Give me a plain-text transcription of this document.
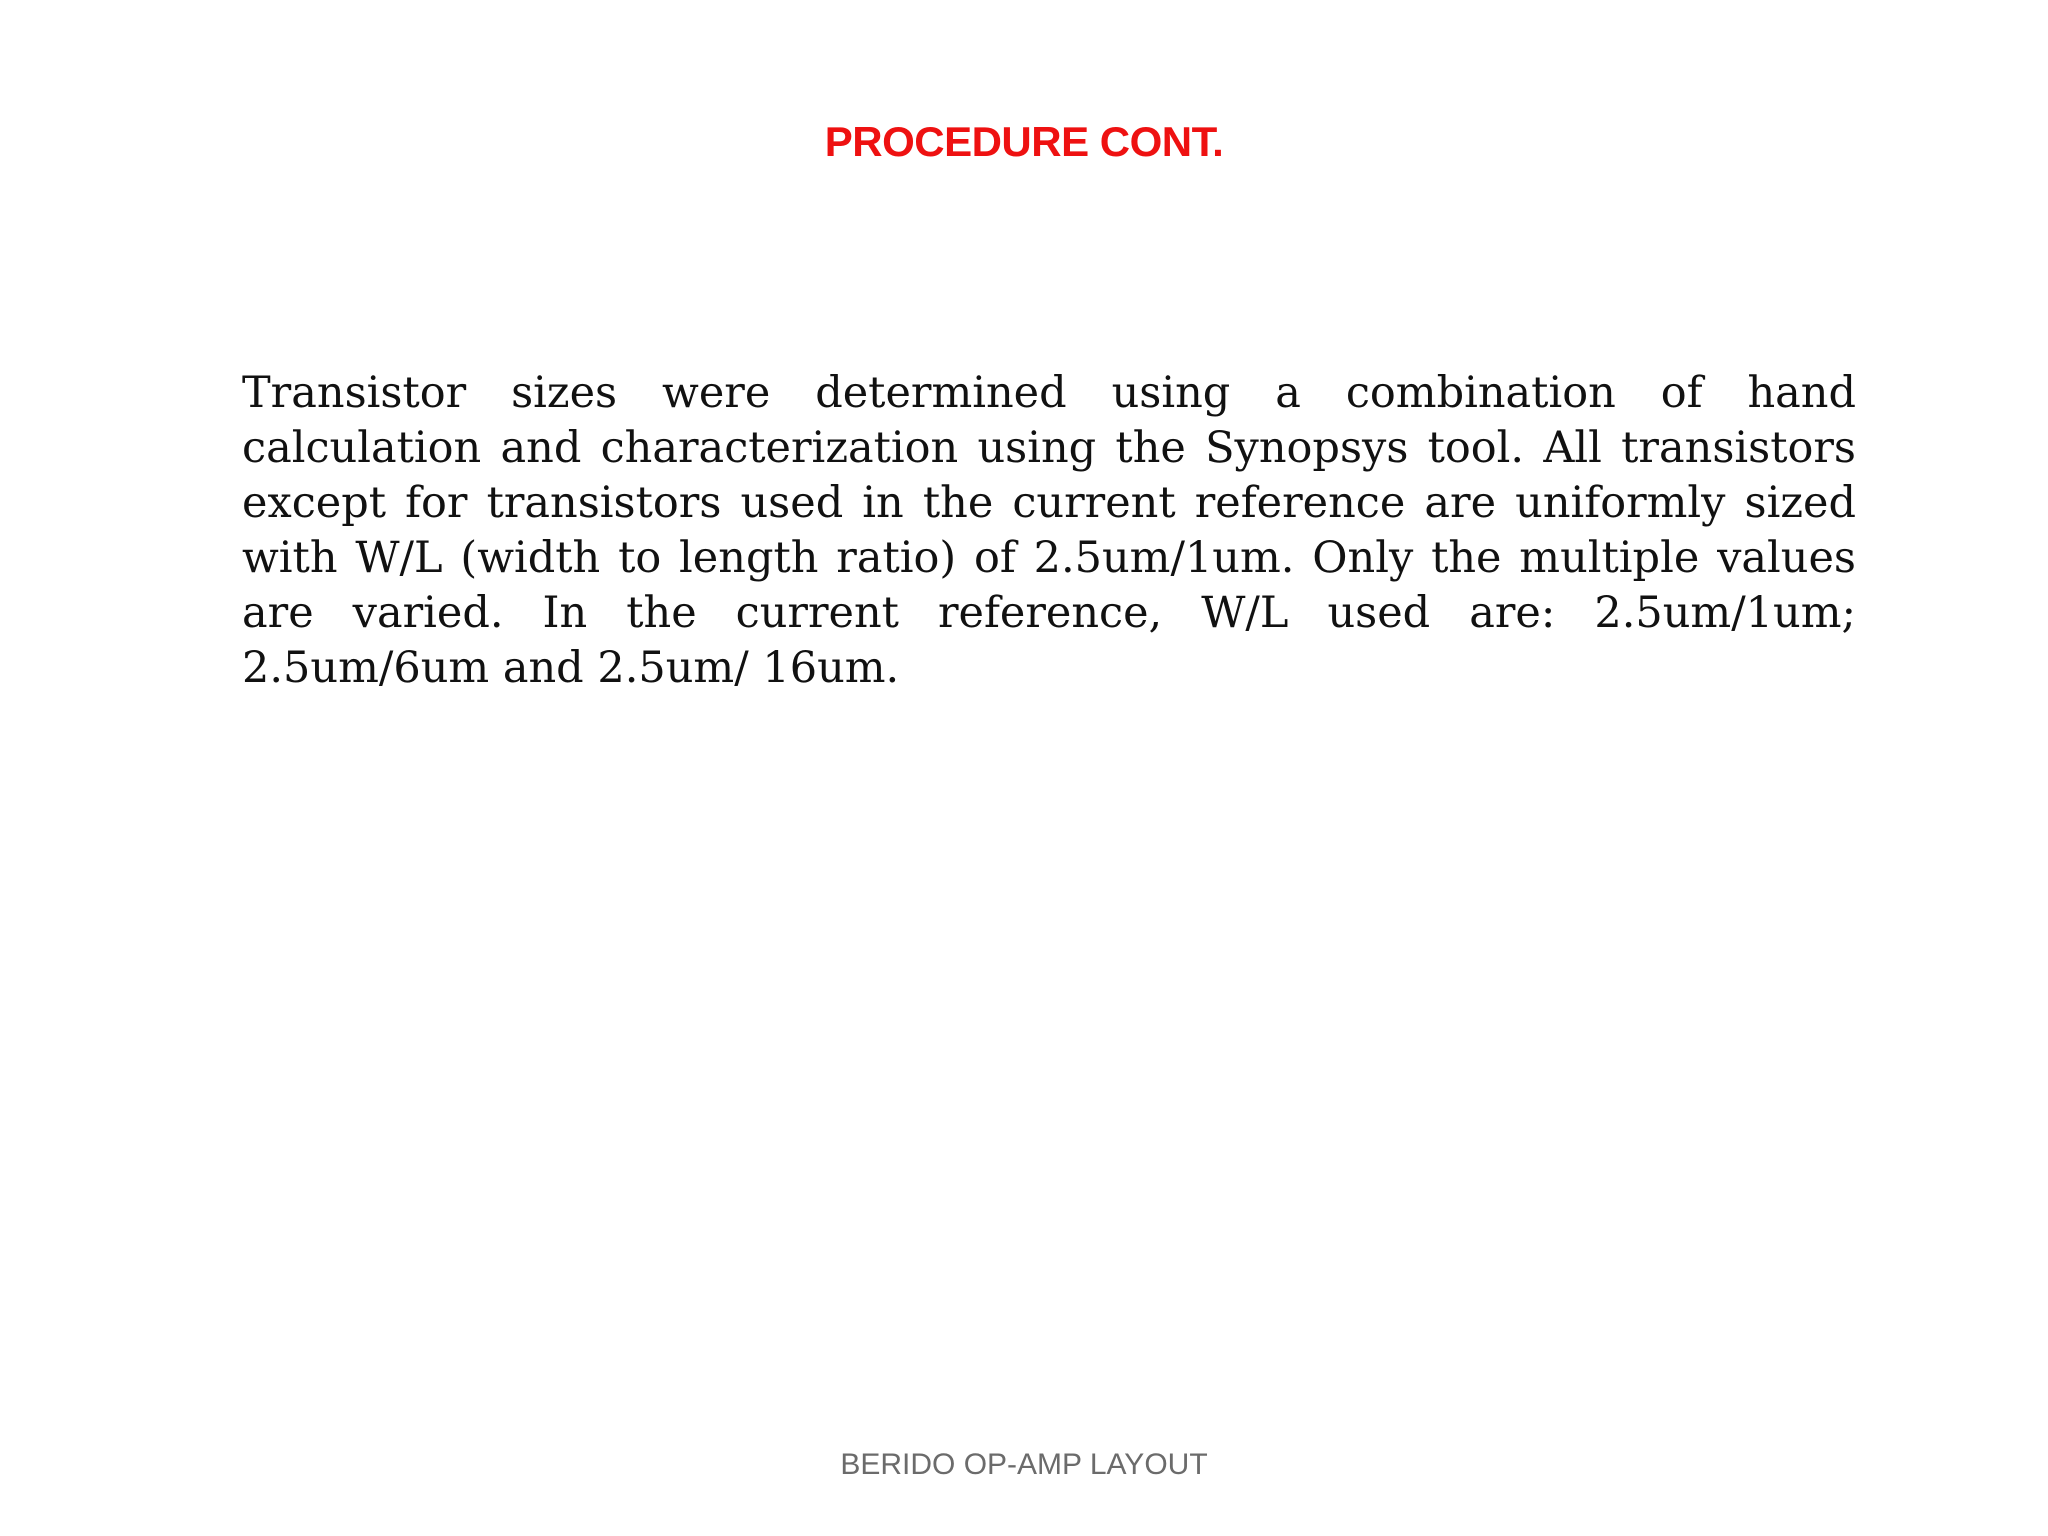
PROCEDURE CONT.
Transistor sizes were determined using a combination of hand calculation and characterization using the Synopsys tool. All transistors except for transistors used in the current reference are uniformly sized with W/L (width to length ratio) of 2.5um/1um. Only the multiple values are varied. In the current reference, W/L used are: 2.5um/1um; 2.5um/6um and 2.5um/ 16um.
BERIDO OP-AMP LAYOUT
